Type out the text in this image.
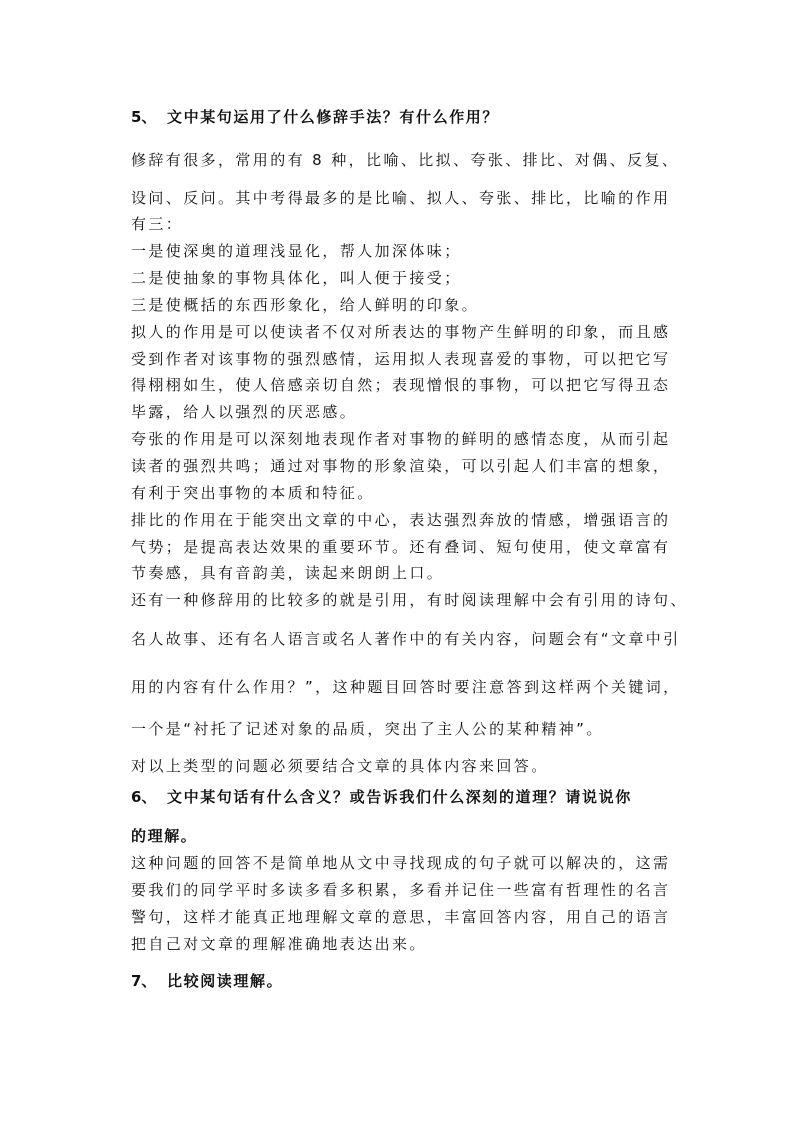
5、 文中某句运用了什么修辞手法？有什么作用？
修辞有很多，常用的有 8 种，比喻、比拟、夸张、排比、对偶、反复、
设问、反问。其中考得最多的是比喻、拟人、夸张、排比，比喻的作用
有三：
一是使深奥的道理浅显化，帮人加深体味；
二是使抽象的事物具体化，叫人便于接受；
三是使概括的东西形象化，给人鲜明的印象。
拟人的作用是可以使读者不仅对所表达的事物产生鲜明的印象，而且感
受到作者对该事物的强烈感情，运用拟人表现喜爱的事物，可以把它写
得栩栩如生，使人倍感亲切自然；表现憎恨的事物，可以把它写得丑态
毕露，给人以强烈的厌恶感。
夸张的作用是可以深刻地表现作者对事物的鲜明的感情态度，从而引起
读者的强烈共鸣；通过对事物的形象渲染，可以引起人们丰富的想象，
有利于突出事物的本质和特征。
排比的作用在于能突出文章的中心，表达强烈奔放的情感，增强语言的
气势；是提高表达效果的重要环节。还有叠词、短句使用，使文章富有
节奏感，具有音韵美，读起来朗朗上口。
还有一种修辞用的比较多的就是引用，有时阅读理解中会有引用的诗句、
名人故事、还有名人语言或名人著作中的有关内容，问题会有“文章中引
用的内容有什么作用？”，这种题目回答时要注意答到这样两个关键词，
一个是“衬托了记述对象的品质，突出了主人公的某种精神”。
对以上类型的问题必须要结合文章的具体内容来回答。
6、 文中某句话有什么含义？或告诉我们什么深刻的道理？请说说你
的理解。
这种问题的回答不是简单地从文中寻找现成的句子就可以解决的，这需
要我们的同学平时多读多看多积累，多看并记住一些富有哲理性的名言
警句，这样才能真正地理解文章的意思，丰富回答内容，用自己的语言
把自己对文章的理解准确地表达出来。
7、 比较阅读理解。
